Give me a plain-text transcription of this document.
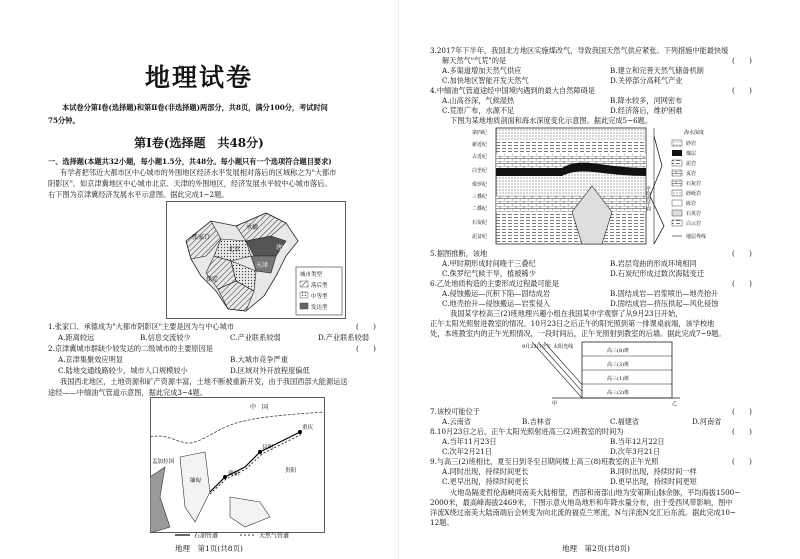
地理试卷
本试卷分第Ⅰ卷(选择题)和第Ⅱ卷(非选择题)两部分，共8页，满分100分，考试时间
75分钟。
第Ⅰ卷(选择题　共48分)
一、选择题(本题共32小题，每小题1.5分，共48分。每小题只有一个选项符合题目要求)
有学者把邻近大都市区中心城市的外围地区经济水平发展相对落后的区域称之为"大都市
阴影区"。如京津冀地区中心城市北京、天津的外围地区，经济发展水平较中心城市落后。
右下图为京津冀经济发展水平示意图。据此完成1~2题。
张家口
承德
北京	唐山
天津
保定
城市类型
落后型
中等型
发达型
1.张家口、承德成为"大都市阴影区"主要是因为与中心城市	(　　)
A.距离较远	B.信息交流较少	C.产业联系较弱	D.产业联系较弱
2.京津冀城市群缺少较发达的二级城市的主要原因是	(　　)
A.京津集聚效应明显	B.大城市竞争严重
C.陆地交通线路较少，城市人口规模较小	D.区域对外开放程度偏低
我国西北地区，土地资源和矿产资源丰富，土地不断被重新开发，由于我国西部大能源运送
途经——中缅油气管道示意图，据此完成3~4题。
中　国
重庆
昆明
瑞丽
缅甸
孟加拉国
贵阳
石油管道	天然气管道
地理　第1页(共8页)
3.2017年下半年，我国北方地区实施煤改气，导致我国天然气供应紧张。下列措施中能最快缓
解天然气"气荒"的是	(　　)
A.多渠道增加天然气供应	B.建立和完善天然气储备机制
C.加快地区智能开发天然气	D.关停部分高耗气产业
4.中缅油气管道途经中国境内遇到的最大自然障碍是	(　　)
A.山高谷深，气候湿热	B.降水较多，河网密布
C.荒原广布，水源不足	D.经济落后，维护困难
下图为某地地质剖面和海水深度变化示意图。据此完成5~6题。
第四纪
新近纪
古近纪
白垩纪
侏罗纪
三叠纪
二叠纪
石炭纪
泥盆纪
平均海平面
海水深度
砂岩
煤层
泥岩
页岩
石灰岩
砂砾岩
砾岩
石英岩
白云岩
地层界线
5.据图推断，该地	(　　)
A.甲时期形成时间晚于三叠纪	B.岩层弯曲的形成环境相同
C.侏罗纪气候干旱，植被稀少	D.石炭纪形成过数次海陆变迁
6.乙处地质构造的主要形成过程最可能是	(　　)
A.侵蚀搬运—沉积下陷—固结成岩	B.固结成岩—岩浆喷出—地壳抬升
C.地壳抬升—侵蚀搬运—岩浆侵入	D.固结成岩—挤压拱起—风化侵蚀
我国某学校高三(2)班地理兴趣小组在我国某中学观察了从9月23日开始，
正午太阳光照射进教室的情况。10月23日之后正午的阳光照到第一排课桌前端，该学校地
处，本班教室内的正午光照情况，一段时间后，正午光照射到教室的后墙。据此完成7~9题。
9月23日正午 太阳光线
高三(8)班
高三(3)班
高三(1)班
高三(2)班
甲	乙
7.该校可能位于	(　　)
A.云南省	B.吉林省	C.福建省	D.河南省
8.10月23日之后，正午太阳光照射进高三(2)班教室的时间为	(　　)
A.当年11月23日	B.当年12月22日
C.次年2月21日	D.次年3月21日
9.与高三(2)班相比，夏至日到冬至日期间楼上高三(8)班教室的正午光照	(　　)
A.同时出现，持续时间更长	B.同时出现，持续时间一样
C.更早出现，持续时间更长	D.更早出现，持续时间更短
火地岛隔麦哲伦海峡同南美大陆相望，西部和南部山地为安第斯山脉余脉，平均海拔1500~
2000米，最高峰海拔2469米，下图示意火地岛地形和年降水量分布，由于受西风带影响，图中
洋流X绕过南美大陆南端后会转变为向北流的福克兰寒流，N与洋流N交汇后东流。据此完成10~
12题。
地理　第2页(共8页)
